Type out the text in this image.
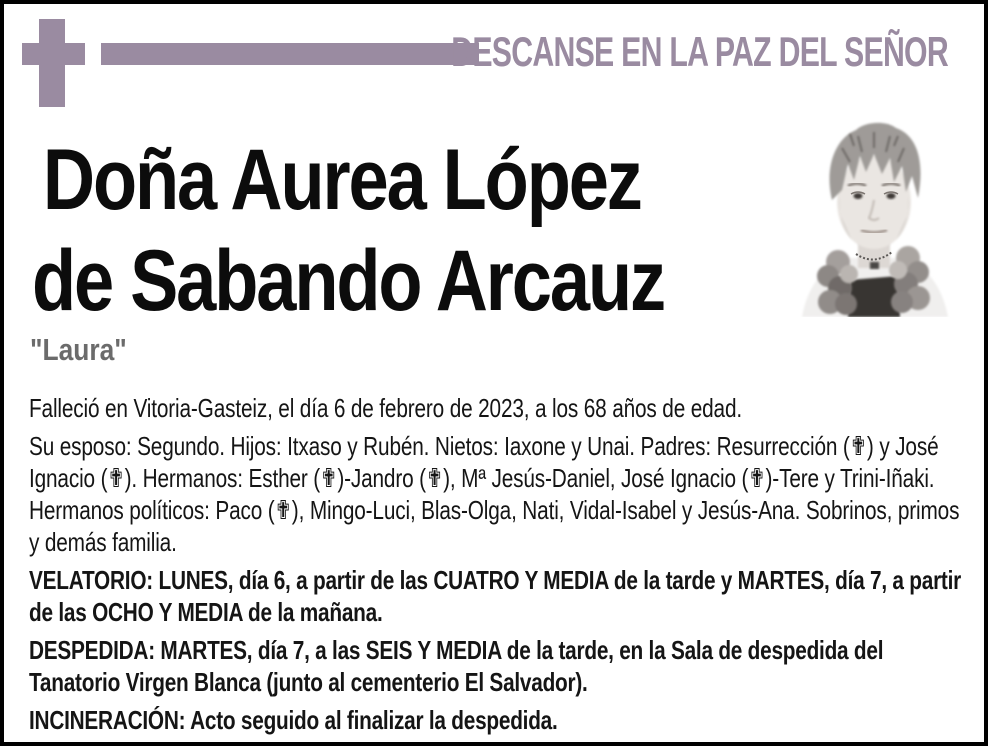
DESCANSE EN LA PAZ DEL SEÑOR
Doña Aurea López
de Sabando Arcauz
"Laura"

Falleció en Vitoria-Gasteiz, el día 6 de febrero de 2023, a los 68 años de edad.

Su esposo: Segundo. Hijos: Itxaso y Rubén. Nietos: Iaxone y Unai. Padres: Resurrección (✟) y José Ignacio (✟). Hermanos: Esther (✟)-Jandro (✟), Mª Jesús-Daniel, José Ignacio (✟)-Tere y Trini-Iñaki. Hermanos políticos: Paco (✟), Mingo-Luci, Blas-Olga, Nati, Vidal-Isabel y Jesús-Ana. Sobrinos, primos y demás familia.

VELATORIO: LUNES, día 6, a partir de las CUATRO Y MEDIA de la tarde y MARTES, día 7, a partir de las OCHO Y MEDIA de la mañana.

DESPEDIDA: MARTES, día 7, a las SEIS Y MEDIA de la tarde, en la Sala de despedida del Tanatorio Virgen Blanca (junto al cementerio El Salvador).

INCINERACIÓN: Acto seguido al finalizar la despedida.
